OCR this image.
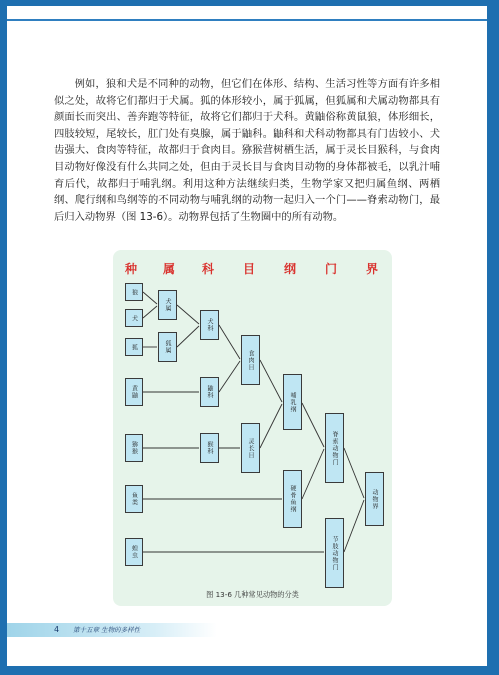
例如，狼和犬是不同种的动物，但它们在体形、结构、生活习性等方面有许多相似之处，故将它们都归于犬属。狐的体形较小，属于狐属，但狐属和犬属动物都具有颜面长而突出、善奔跑等特征，故将它们都归于犬科。黄鼬俗称黄鼠狼，体形细长，四肢较短，尾较长，肛门处有臭腺，属于鼬科。鼬科和犬科动物都具有门齿较小、犬齿强大、食肉等特征，故都归于食肉目。猕猴营树栖生活，属于灵长目猴科，与食肉目动物好像没有什么共同之处，但由于灵长目与食肉目动物的身体都被毛，以乳汁哺育后代，故都归于哺乳纲。利用这种方法继续归类，生物学家又把归属鱼纲、两栖纲、爬行纲和鸟纲等的不同动物与哺乳纲的动物一起归入一个门——脊索动物门，最后归入动物界（图 13-6）。动物界包括了生物圈中的所有动物。

种 属 科 目 纲 门 界
狼
犬
狐
黄鼬
猕猴
鱼类
蝗虫
犬属
狐属
犬科
鼬科
猴科
食肉目
灵长目
哺乳纲
硬骨鱼纲
脊索动物门
节肢动物门
动物界
图 13-6 几种常见动物的分类
4 第十五章 生物的多样性
